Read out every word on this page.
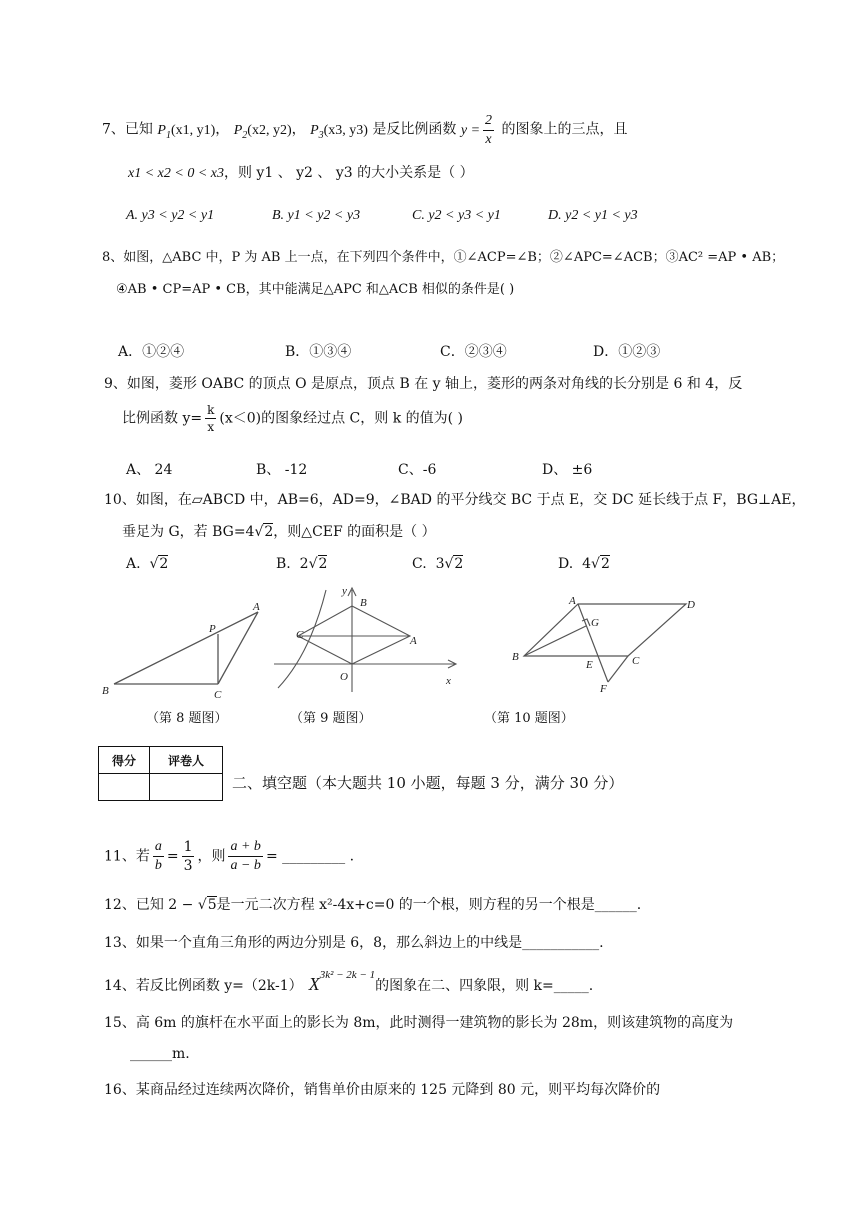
7、已知 $P_1(x1$, y1)， $P_2(x2$, y2)， $P_3(x3$, y3) 是反比例函数 $y = \frac{2}{x}$ 的图象上的三点，且
x1 < x2 < 0 < x3，则 y1 、 y2 、 y3 的大小关系是（ ）
A. y3 < y2 < y1	B. y1 < y2 < y3	C. y2 < y3 < y1	D. y2 < y1 < y3
8、如图，△ABC 中，P 为 AB 上一点，在下列四个条件中，①∠ACP=∠B；②∠APC=∠ACB；③AC² =AP • AB；
④AB • CP=AP • CB，其中能满足△APC 和△ACB 相似的条件是( )
A．①②④	B．①③④	C．②③④	D．①②③
9、如图，菱形 OABC 的顶点 O 是原点，顶点 B 在 y 轴上，菱形的两条对角线的长分别是 6 和 4，反
比例函数 $y= \frac{k}{x} (x<0)$的图象经过点 C，则 k 的值为( )
A、 24	B、 -12	C、-6	D、 ±6
10、如图，在▱ABCD 中，AB=6，AD=9，∠BAD 的平分线交 BC 于点 E，交 DC 延长线于点 F，BG⊥AE，
垂足为 G，若 BG=4√2，则△CEF 的面积是（ ）
A. √2	B. 2√2	C. 3√2	D. 4√2
A
P
B	C
（第 8 题图）
y
B
C	A
O	x
（第 9 题图）
A	D
G
B
E	C
F
（第 10 题图）
得分	评卷人

二、填空题（本大题共 10 小题，每题 3 分，满分 30 分）
11、若 $\frac{a}{b} = \frac{1}{3}$ ，则 $\frac{a + b}{a - b}$ = _________ .
12、已知 2 − √5是一元二次方程 x²-4x+c=0 的一个根，则方程的另一个根是______.
13、如果一个直角三角形的两边分别是 6，8，那么斜边上的中线是___________.
14、若反比例函数 y=（2k-1） $X^{3k^2 - 2k - 1}$的图象在二、四象限，则 k=_____.
15、高 6m 的旗杆在水平面上的影长为 8m，此时测得一建筑物的影长为 28m，则该建筑物的高度为
______m.
16、某商品经过连续两次降价，销售单价由原来的 125 元降到 80 元，则平均每次降价的
